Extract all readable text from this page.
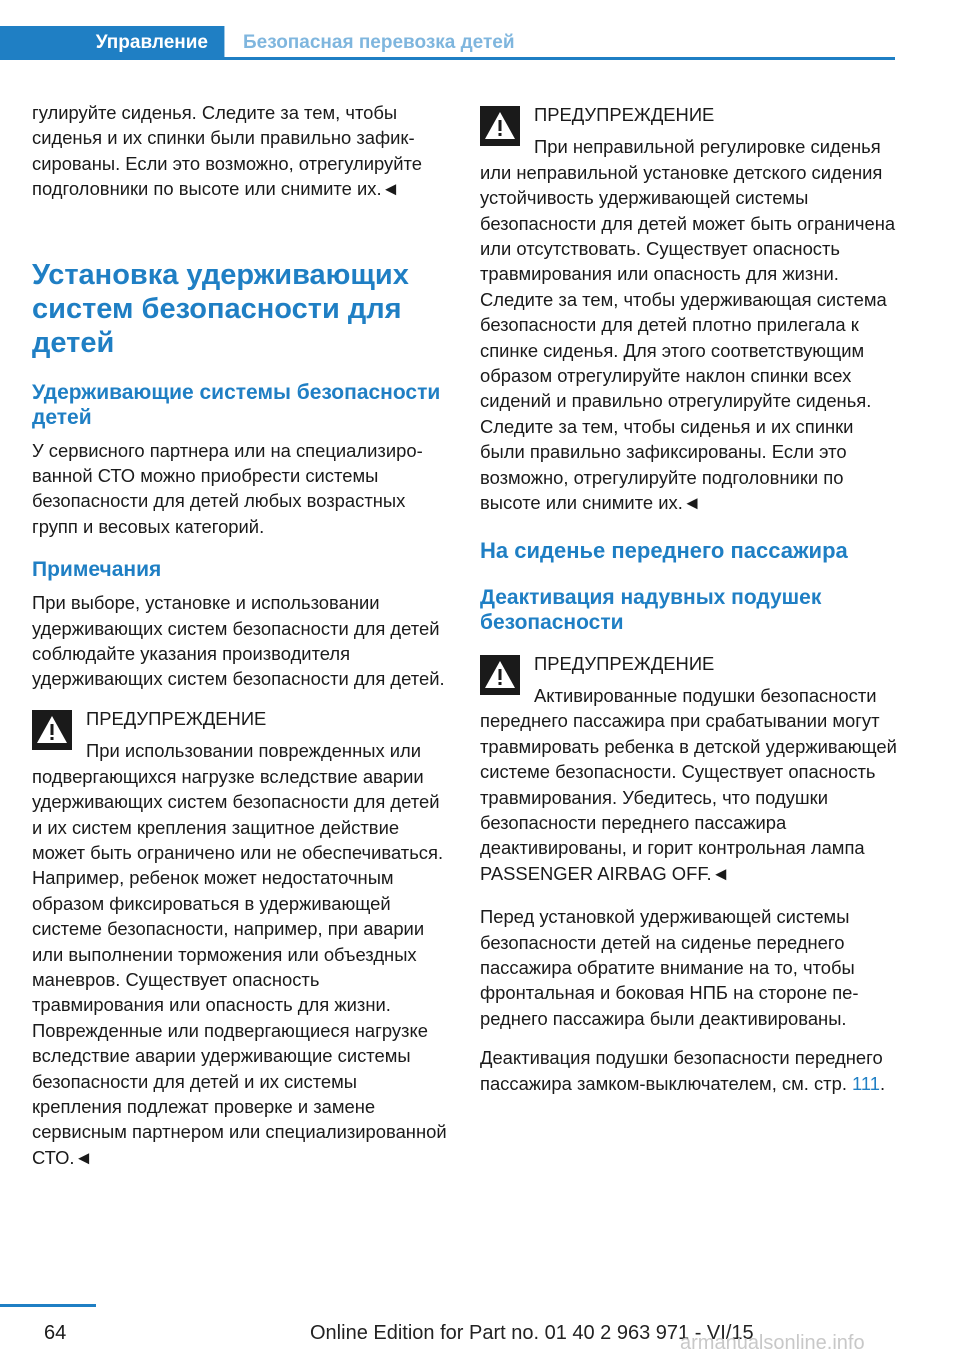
Управление	Безопасная перевозка детей

гулируйте сиденья. Следите за тем, чтобы сиденья и их спинки были правильно зафиксированы. Если это возможно, отрегулируйте подголовники по высоте или снимите их.◄

Установка удерживающих систем безопасности для детей
Удерживающие системы безопасности детей

У сервисного партнера или на специализированной СТО можно приобрести системы безопасности для детей любых возрастных групп и весовых категорий.

Примечания

При выборе, установке и использовании удерживающих систем безопасности для детей соблюдайте указания производителя удерживающих систем безопасности для детей.

ПРЕДУПРЕЖДЕНИЕ

При использовании поврежденных или подвергающихся нагрузке вследствие аварии удерживающих систем безопасности для детей и их систем крепления защитное действие может быть ограничено или не обеспечиваться. Например, ребенок может недостаточным образом фиксироваться в удерживающей системе безопасности, например, при аварии или выполнении торможения или объездных маневров. Существует опасность травмирования или опасность для жизни. Поврежденные или подвергающиеся нагрузке вследствие аварии удерживающие системы безопасности для детей и их системы крепления подлежат проверке и замене сервисным партнером или специализированной СТО.◄

ПРЕДУПРЕЖДЕНИЕ

При неправильной регулировке сиденья или неправильной установке детского сидения устойчивость удерживающей системы безопасности для детей может быть ограничена или отсутствовать. Существует опасность травмирования или опасность для жизни. Следите за тем, чтобы удерживающая система безопасности для детей плотно прилегала к спинке сиденья. Для этого соответствующим образом отрегулируйте наклон спинки всех сидений и правильно отрегулируйте сиденья. Следите за тем, чтобы сиденья и их спинки были правильно зафиксированы. Если это возможно, отрегулируйте подголовники по высоте или снимите их.◄

На сиденье переднего пассажира
Деактивация надувных подушек безопасности

ПРЕДУПРЕЖДЕНИЕ

Активированные подушки безопасности переднего пассажира при срабатывании могут травмировать ребенка в детской удерживающей системе безопасности. Существует опасность травмирования. Убедитесь, что подушки безопасности переднего пассажира деактивированы, и горит контрольная лампа PASSENGER AIRBAG OFF.◄

Перед установкой удерживающей системы безопасности детей на сиденье переднего пассажира обратите внимание на то, чтобы фронтальная и боковая НПБ на стороне переднего пассажира были деактивированы.

Деактивация подушки безопасности переднего пассажира замком-выключателем, см. стр. 111.

64	Online Edition for Part no. 01 40 2 963 971 - VI/15
armanualsonline.info
